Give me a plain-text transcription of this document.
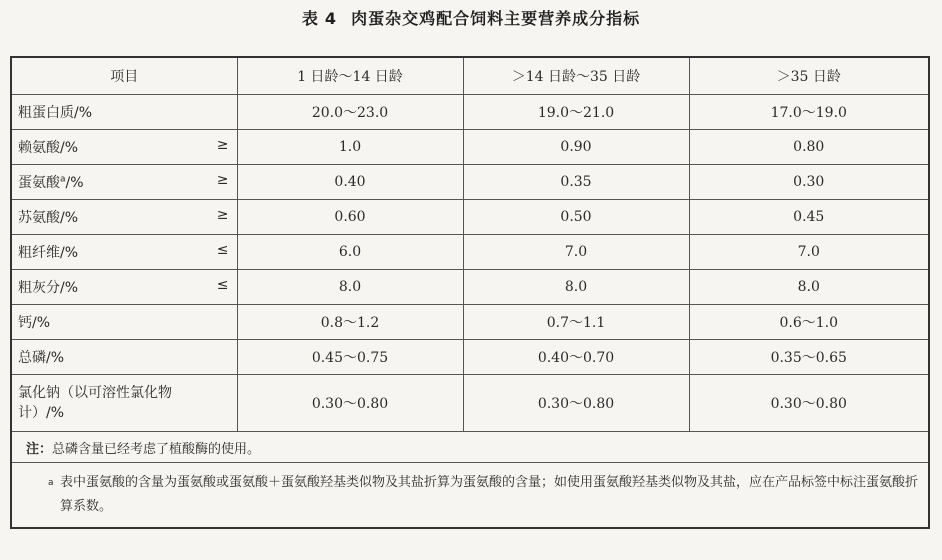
表 4 肉蛋杂交鸡配合饲料主要营养成分指标
项目	1 日龄～14 日龄	＞14 日龄～35 日龄	＞35 日龄
粗蛋白质/%	20.0～23.0	19.0～21.0	17.0～19.0
赖氨酸/% ≥	1.0	0.90	0.80
蛋氨酸$^a$/% ≥	0.40	0.35	0.30
苏氨酸/% ≥	0.60	0.50	0.45
粗纤维/% ≤	6.0	7.0	7.0
粗灰分/% ≤	8.0	8.0	8.0
钙/%	0.8～1.2	0.7～1.1	0.6～1.0
总磷/%	0.45～0.75	0.40～0.70	0.35～0.65
氯化钠（以可溶性氯化物
计）/%	0.30～0.80	0.30～0.80	0.30～0.80
注：总磷含量已经考虑了植酸酶的使用。			

a 表中蛋氨酸的含量为蛋氨酸或蛋氨酸＋蛋氨酸羟基类似物及其盐折算为蛋氨酸的含量；如使用蛋氨酸羟基类似物及其盐，应在产品标签中标注蛋氨酸折算系数。			
